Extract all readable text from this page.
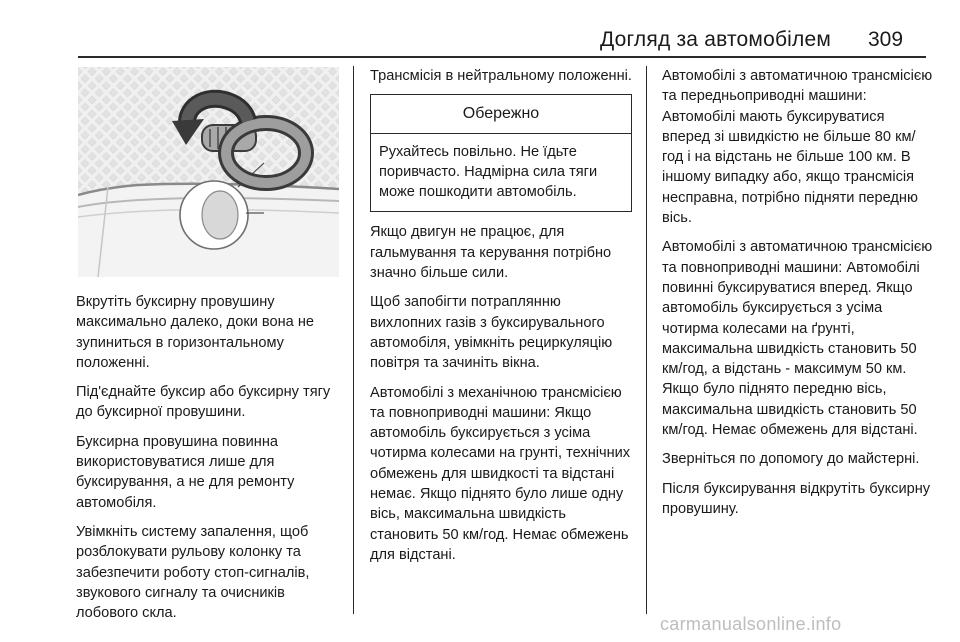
Догляд за автомобілем 309

Вкрутіть буксирну провушину максимально далеко, доки вона не зупиниться в горизонтальному положенні.

Під'єднайте буксир або буксирну тягу до буксирної провушини.

Буксирна провушина повинна використовуватися лише для буксирування, а не для ремонту автомобіля.

Увімкніть систему запалення, щоб розблокувати рульову колонку та забезпечити роботу стоп-сигналів, звукового сигналу та очисників лобового скла.

Трансмісія в нейтральному положенні.

Обережно
Рухайтесь повільно. Не їдьте поривчасто. Надмірна сила тяги може пошкодити автомобіль.

Якщо двигун не працює, для гальмування та керування потрібно значно більше сили.

Щоб запобігти потраплянню вихлопних газів з буксирувального автомобіля, увімкніть рециркуляцію повітря та зачиніть вікна.

Автомобілі з механічною трансмісією та повноприводні машини: Якщо автомобіль буксирується з усіма чотирма колесами на грунті, технічних обмежень для швидкості та відстані немає. Якщо піднято було лише одну вісь, максимальна швидкість становить 50 км/год. Немає обмежень для відстані.

Автомобілі з автоматичною трансмісією та передньоприводні машини: Автомобілі мають буксируватися вперед зі швидкістю не більше 80 км/год і на відстань не більше 100 км. В іншому випадку або, якщо трансмісія несправна, потрібно підняти передню вісь.

Автомобілі з автоматичною трансмісією та повноприводні машини: Автомобілі повинні буксируватися вперед. Якщо автомобіль буксирується з усіма чотирма колесами на ґрунті, максимальна швидкість становить 50 км/год, а відстань - максимум 50 км. Якщо було піднято передню вісь, максимальна швидкість становить 50 км/год. Немає обмежень для відстані.

Зверніться по допомогу до майстерні.

Після буксирування відкрутіть буксирну провушину.

carmanualsonline.info
